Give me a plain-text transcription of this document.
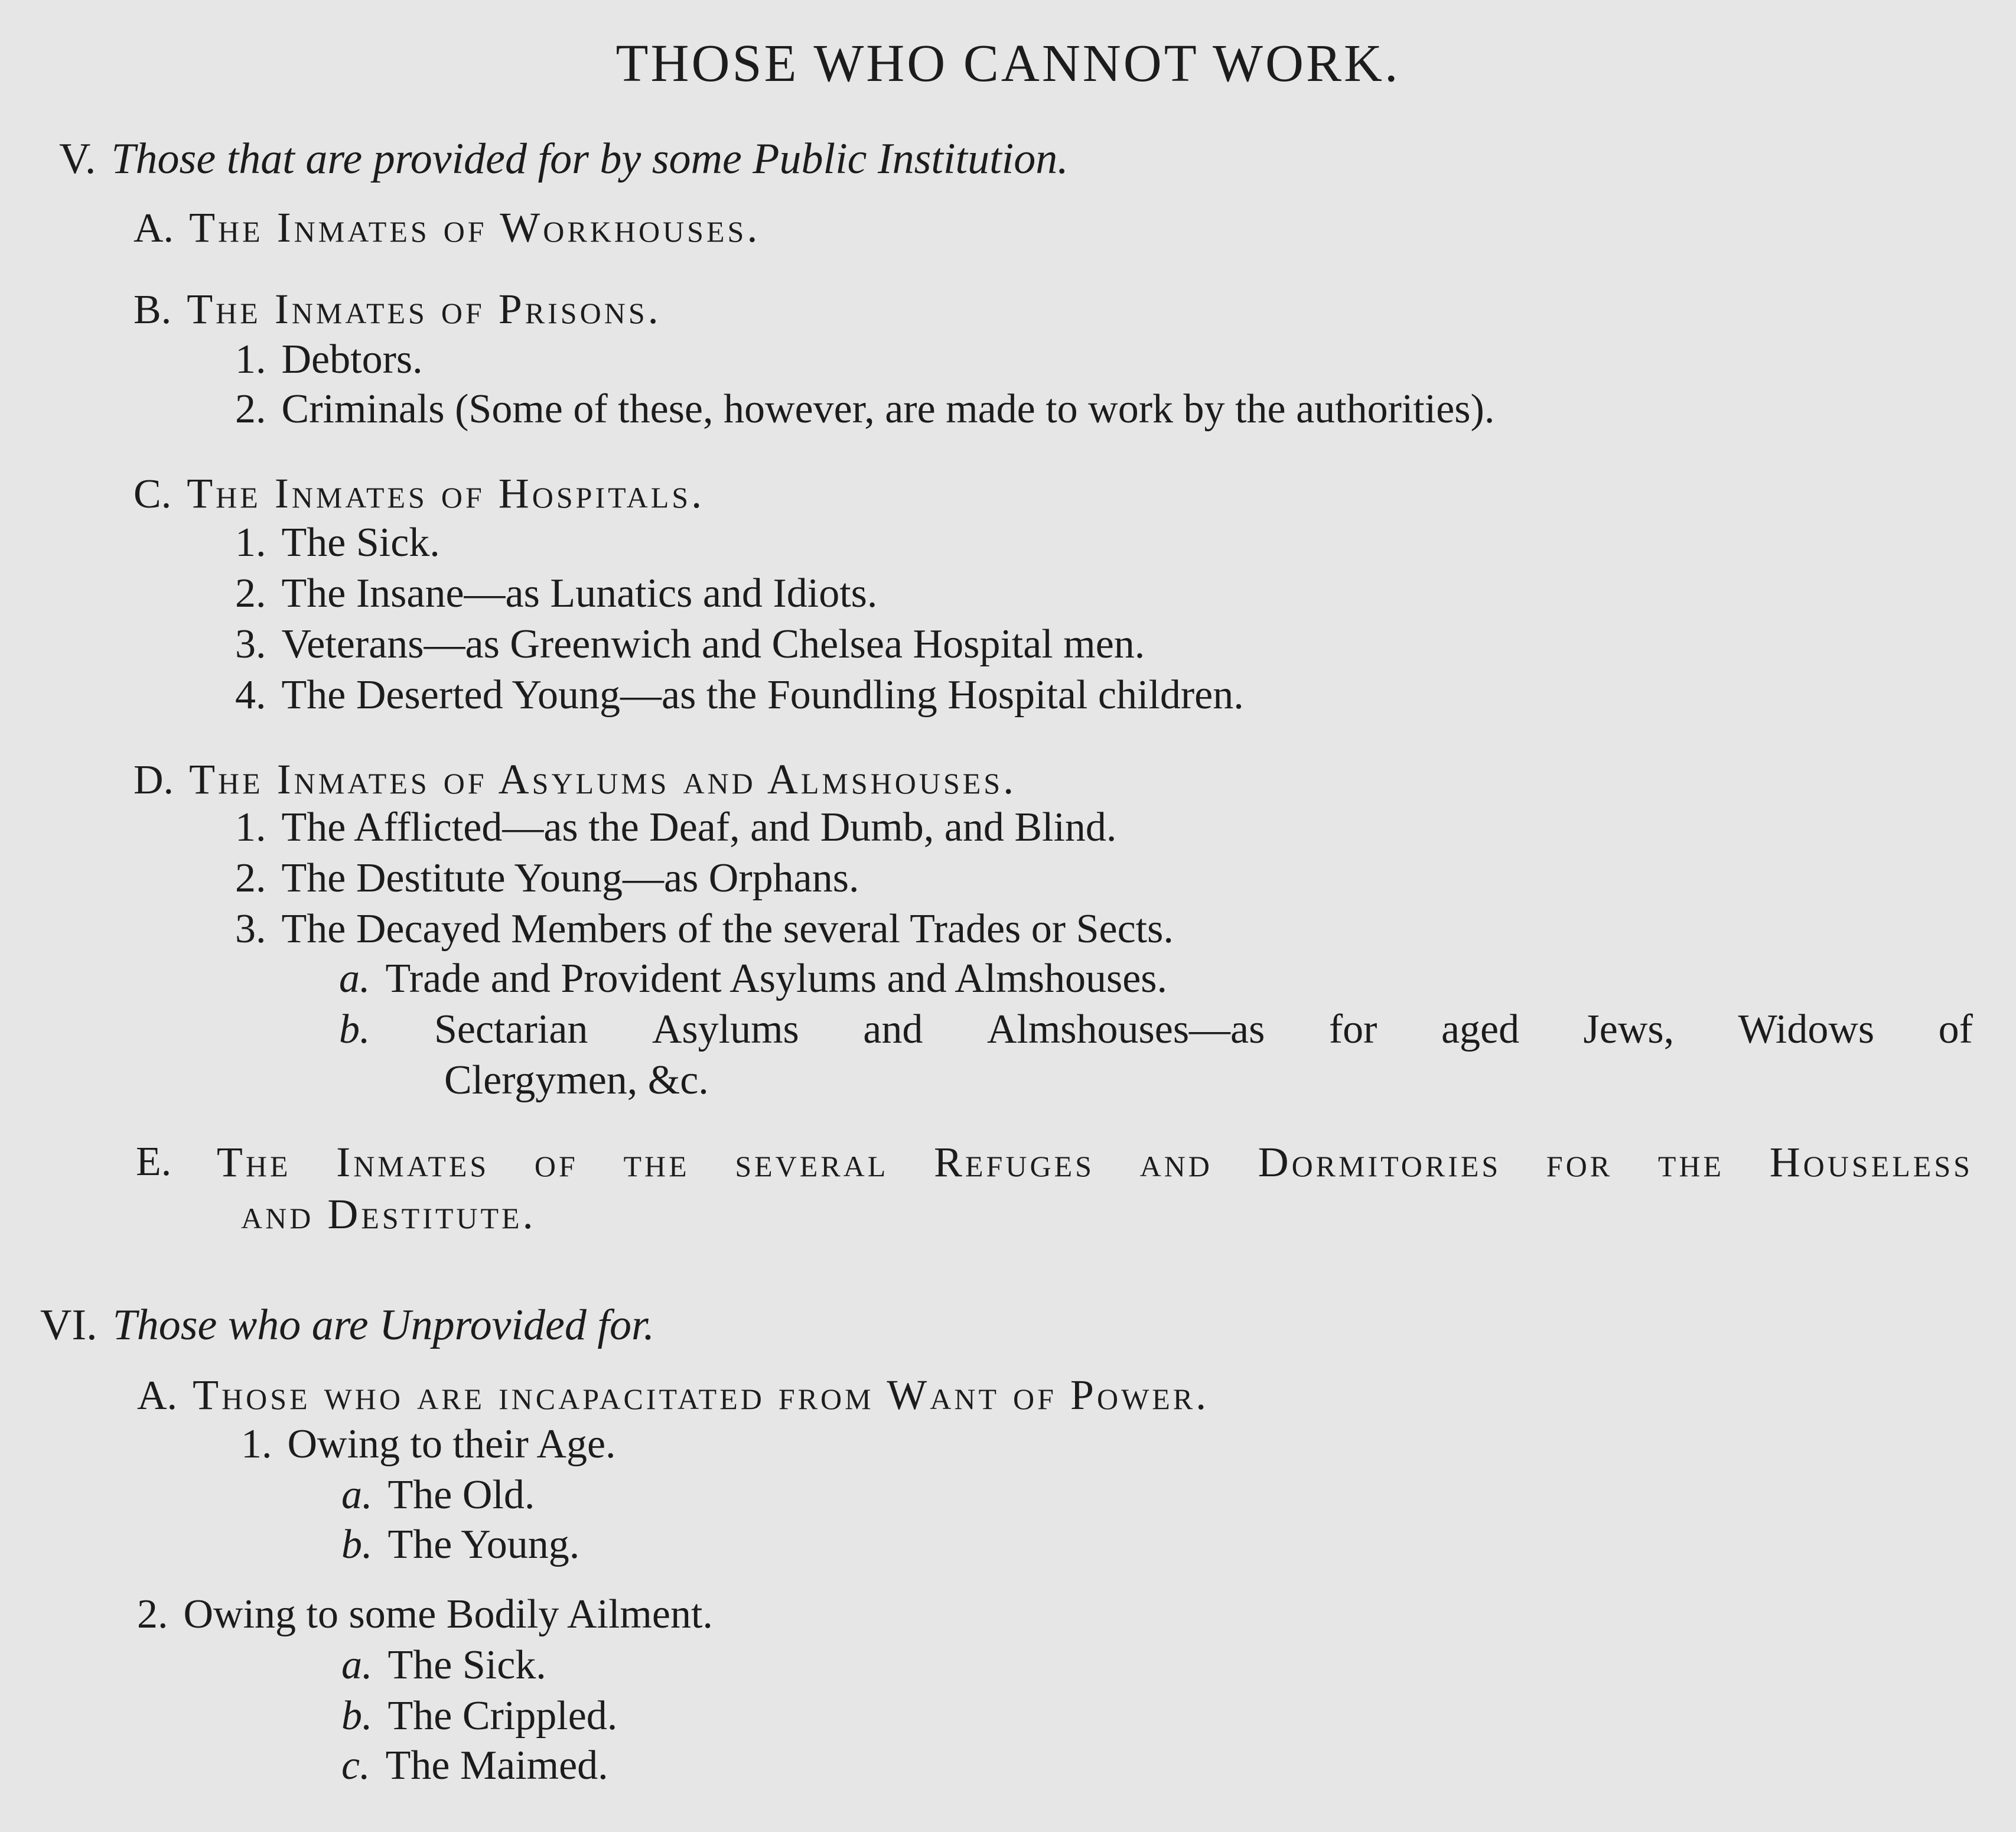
THOSE WHO CANNOT WORK.
V. Those that are provided for by some Public Institution.
A. The Inmates of Workhouses.
B. The Inmates of Prisons.
1. Debtors.
2. Criminals (Some of these, however, are made to work by the authorities).
C. The Inmates of Hospitals.
1. The Sick.
2. The Insane—as Lunatics and Idiots.
3. Veterans—as Greenwich and Chelsea Hospital men.
4. The Deserted Young—as the Foundling Hospital children.
D. The Inmates of Asylums and Almshouses.
1. The Afflicted—as the Deaf, and Dumb, and Blind.
2. The Destitute Young—as Orphans.
3. The Decayed Members of the several Trades or Sects.
a. Trade and Provident Asylums and Almshouses.
b. Sectarian Asylums and Almshouses—as for aged Jews, Widows of
Clergymen, &c.
E. The Inmates of the several Refuges and Dormitories for the Houseless
and Destitute.
VI. Those who are Unprovided for.
A. Those who are incapacitated from Want of Power.
1. Owing to their Age.
a. The Old.
b. The Young.
2. Owing to some Bodily Ailment.
a. The Sick.
b. The Crippled.
c. The Maimed.
